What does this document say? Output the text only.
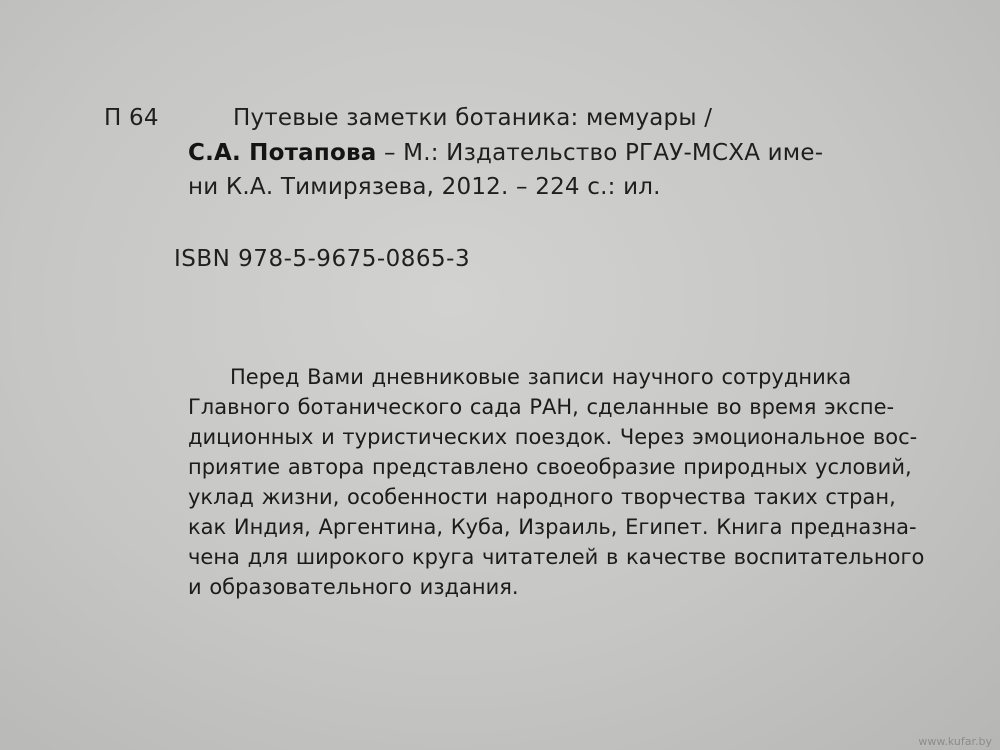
П 64	Путевые заметки ботаника: мемуары /
С.А. Потапова – М.: Издательство РГАУ-МСХА име-
ни К.А. Тимирязева, 2012. – 224 с.: ил.
ISBN 978-5-9675-0865-3
Перед Вами дневниковые записи научного сотрудника
Главного ботанического сада РАН, сделанные во время экспе-
диционных и туристических поездок. Через эмоциональное вос-
приятие автора представлено своеобразие природных условий,
уклад жизни, особенности народного творчества таких стран,
как Индия, Аргентина, Куба, Израиль, Египет. Книга предназна-
чена для широкого круга читателей в качестве воспитательного
и образовательного издания.
www.kufar.by
